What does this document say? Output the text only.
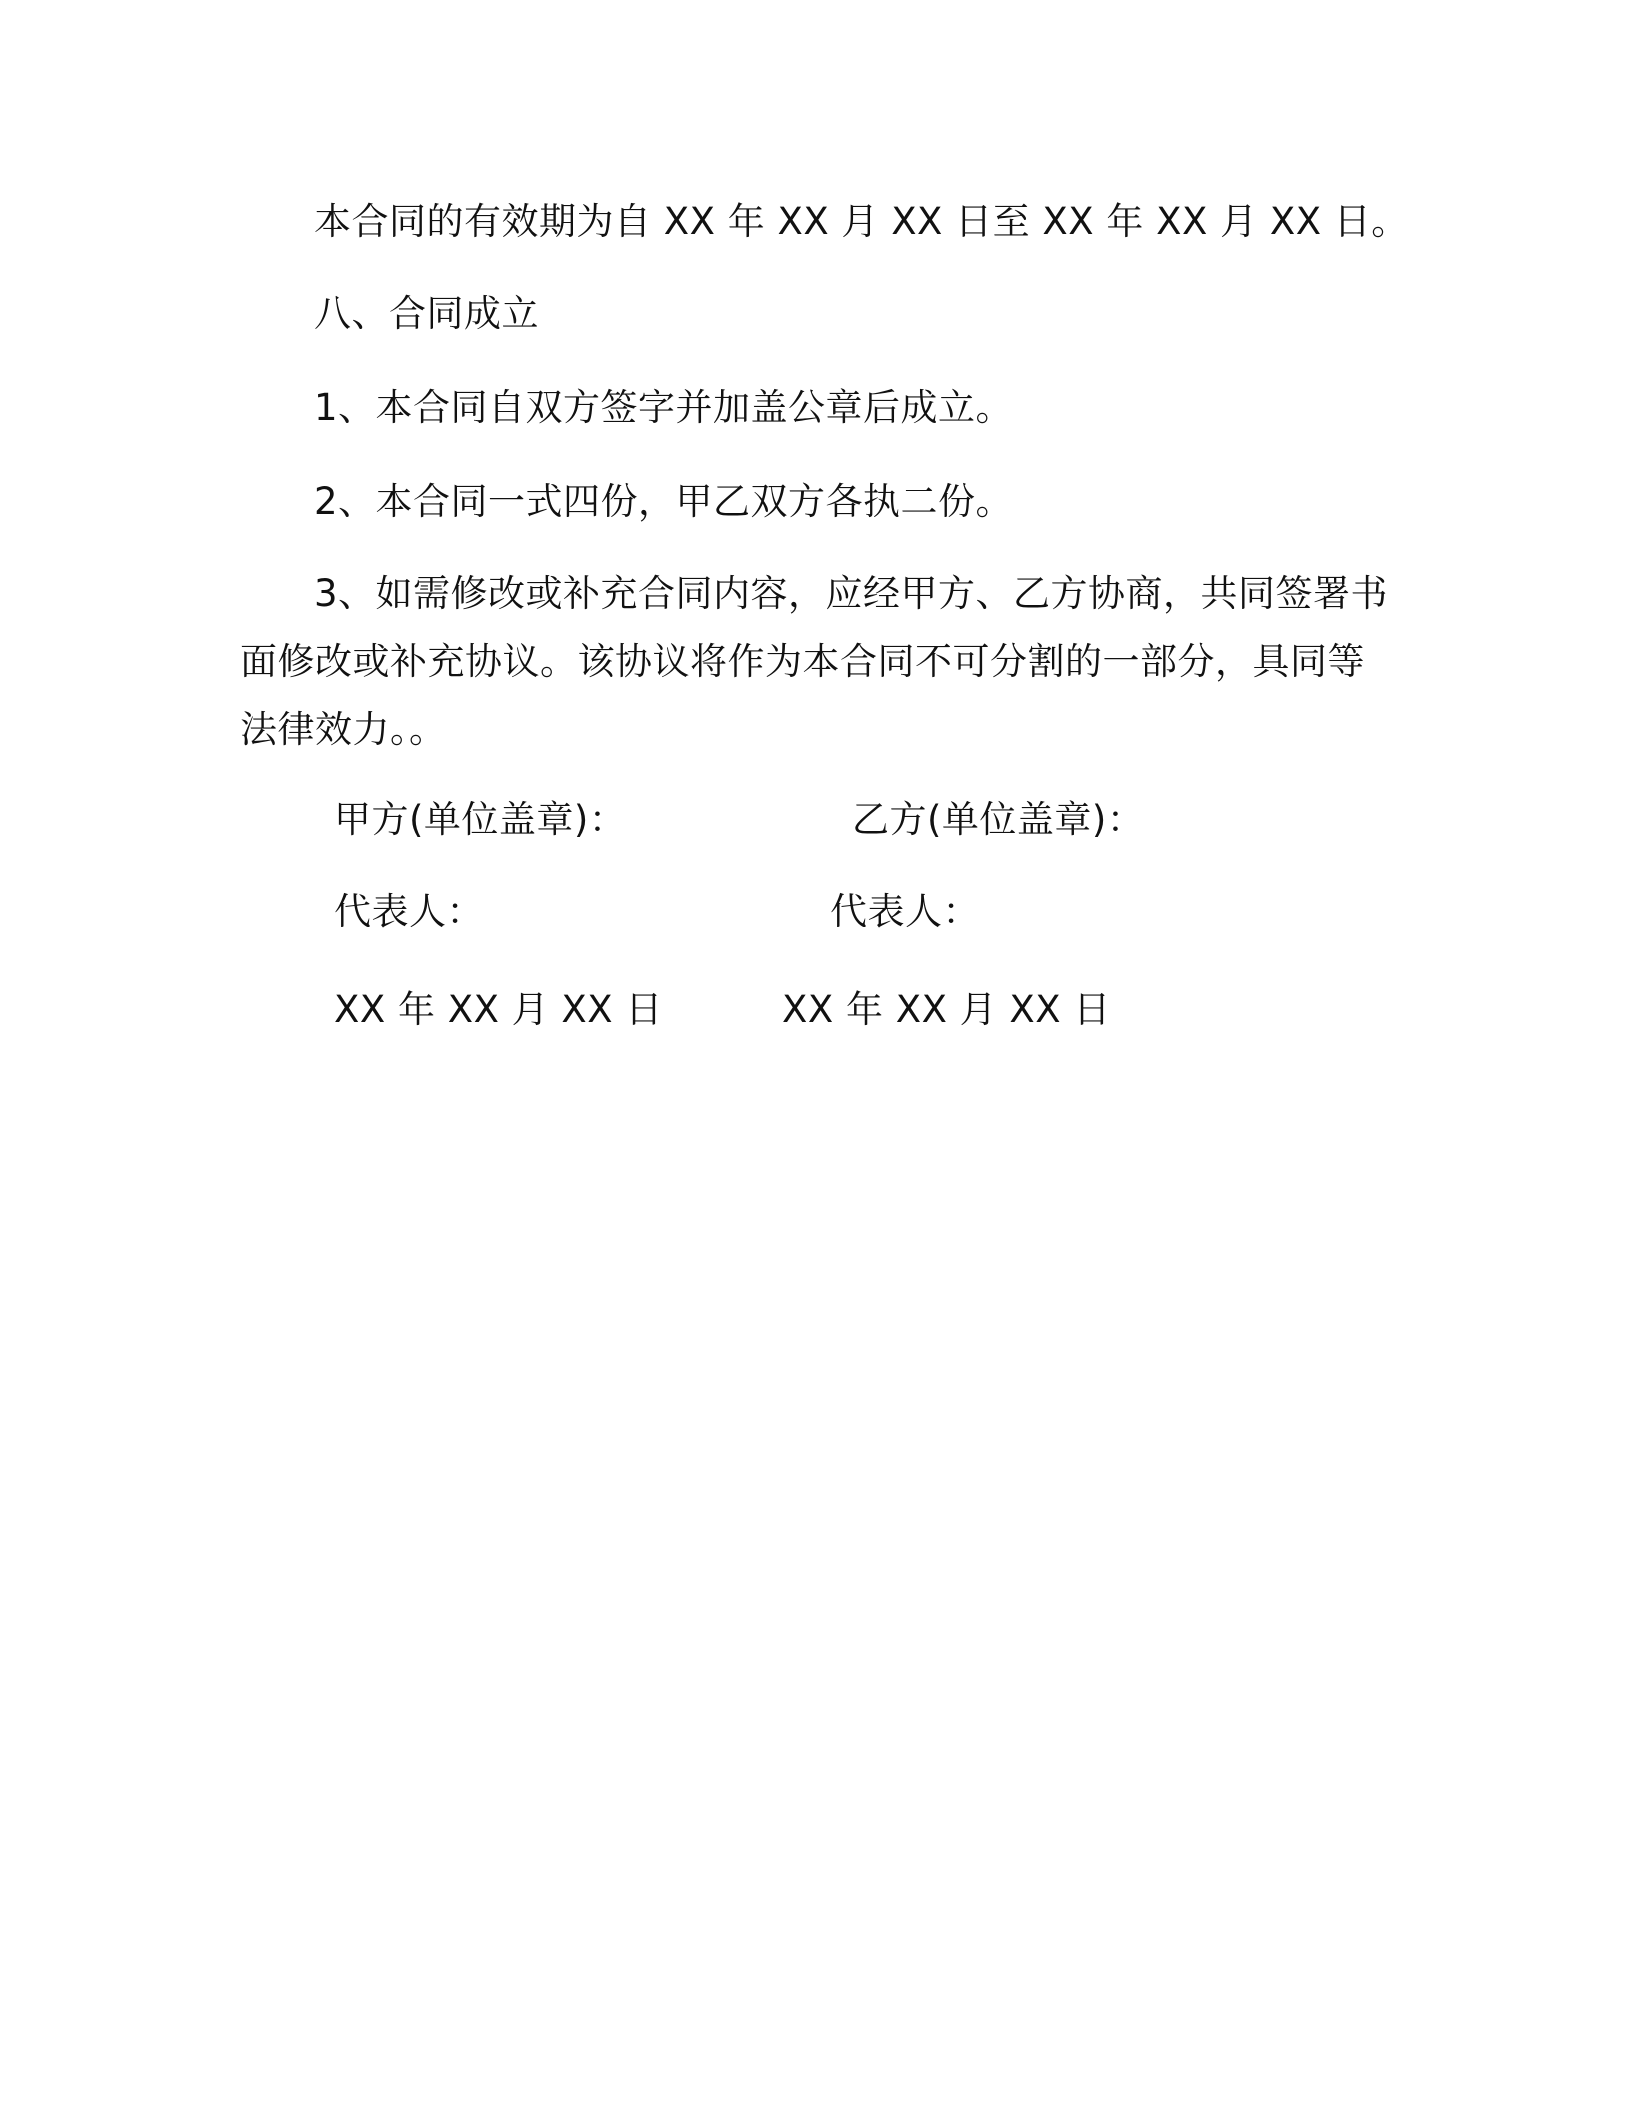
本合同的有效期为自 XX 年 XX 月 XX 日至 XX 年 XX 月 XX 日。
八、合同成立
1、本合同自双方签字并加盖公章后成立。
2、本合同一式四份，甲乙双方各执二份。
3、如需修改或补充合同内容，应经甲方、乙方协商，共同签署书面修改或补充协议。该协议将作为本合同不可分割的一部分，具同等法律效力。。
甲方(单位盖章)：	乙方(单位盖章)：
代表人：	代表人：
XX 年 XX 月 XX 日	XX 年 XX 月 XX 日
